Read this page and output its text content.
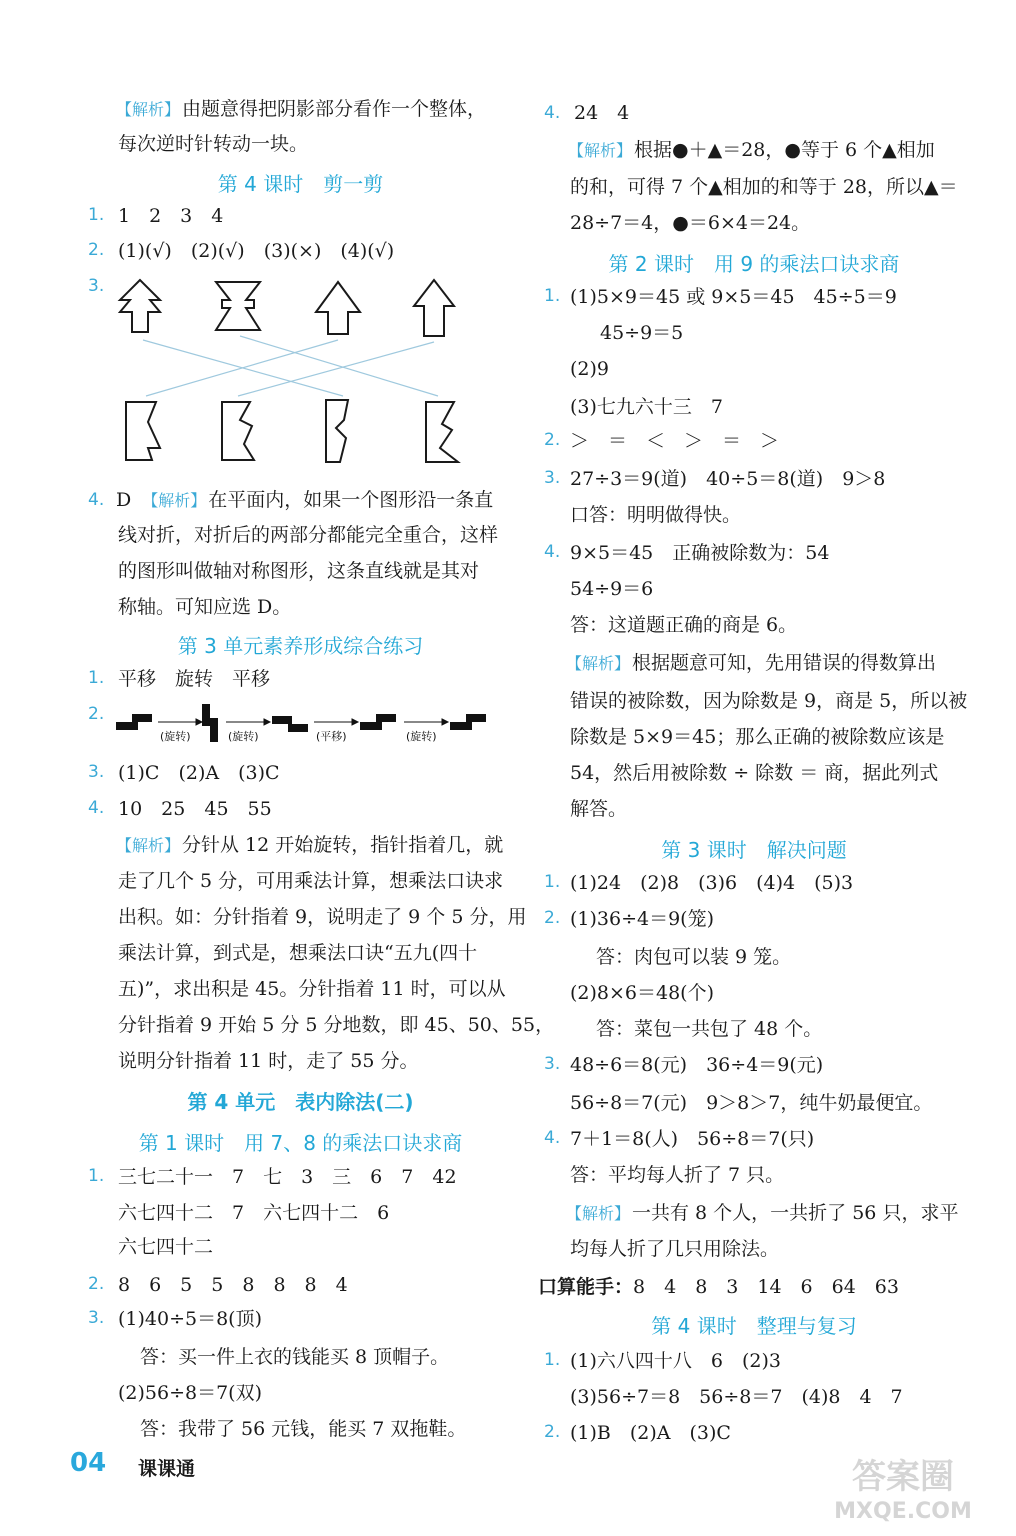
【解析】 由题意得把阴影部分看作一个整体，
每次逆时针转动一块。
第 4 课时　剪一剪
1. 1　2　3　4
2. (1)(√)　(2)(√)　(3)(×)　(4)(√)
3.
4. D　 【解析】 在平面内，如果一个图形沿一条直
线对折，对折后的两部分都能完全重合，这样
的图形叫做轴对称图形，这条直线就是其对
称轴。可知应选 D。
第 3 单元素养形成综合练习
1. 平移　旋转　平移
2.
(旋转)	(旋转)	(平移)	(旋转)
3. (1)C　(2)A　(3)C
4. 10　25　45　55
【解析】 分针从 12 开始旋转，指针指着几，就
走了几个 5 分，可用乘法计算，想乘法口诀求
出积。如：分针指着 9，说明走了 9 个 5 分，用
乘法计算，到式是，想乘法口诀“五九(四十
五)”，求出积是 45。分针指着 11 时，可以从
分针指着 9 开始 5 分 5 分地数，即 45、50、55，
说明分针指着 11 时，走了 55 分。
第 4 单元　表内除法(二)
第 1 课时　用 7、8 的乘法口诀求商
1. 三七二十一　7　七　3　三　6　7　42
六七四十二　7　六七四十二　6
六七四十二
2. 8　6　5　5　8　8　8　4
3. (1)40÷5＝8(顶)
答：买一件上衣的钱能买 8 顶帽子。
(2)56÷8＝7(双)
答：我带了 56 元钱，能买 7 双拖鞋。
4. 24　4
【解析】 根据●＋▲＝28，●等于 6 个▲相加
的和，可得 7 个▲相加的和等于 28，所以▲＝
28÷7＝4，●＝6×4＝24。
第 2 课时　用 9 的乘法口诀求商
1. (1)5×9＝45 或 9×5＝45　45÷5＝9
45÷9＝5
(2)9
(3)七九六十三　7
2. ＞　＝　＜　＞　＝　＞
3. 27÷3＝9(道)　40÷5＝8(道)　9＞8
口答：明明做得快。
4. 9×5＝45　正确被除数为：54
54÷9＝6
答：这道题正确的商是 6。
【解析】 根据题意可知，先用错误的得数算出
错误的被除数，因为除数是 9，商是 5，所以被
除数是 5×9＝45；那么正确的被除数应该是
54，然后用被除数 ÷ 除数 ＝ 商，据此列式
解答。
第 3 课时　解决问题
1. (1)24　(2)8　(3)6　(4)4　(5)3
2. (1)36÷4＝9(笼)
答：肉包可以装 9 笼。
(2)8×6＝48(个)
答：菜包一共包了 48 个。
3. 48÷6＝8(元)　36÷4＝9(元)
56÷8＝7(元)　9＞8＞7，纯牛奶最便宜。
4. 7＋1＝8(人)　56÷8＝7(只)
答：平均每人折了 7 只。
【解析】 一共有 8 个人，一共折了 56 只，求平
均每人折了几只用除法。
口算能手：8　4　8　3　14　6　64　63
第 4 课时　整理与复习
1. (1)六八四十八　6　(2)3
(3)56÷7＝8　56÷8＝7　(4)8　4　7
2. (1)B　(2)A　(3)C
04 课课通	答案圈
MXQE.COM
